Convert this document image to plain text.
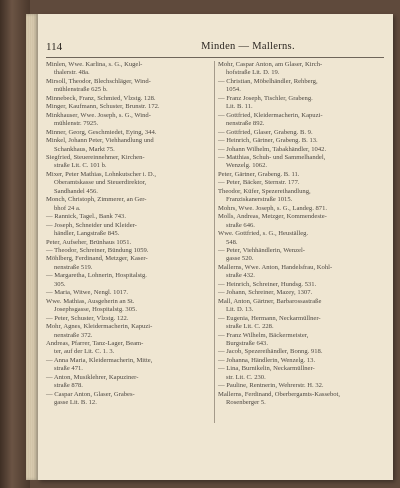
114	Minden — Mallerns.

Minlen, Wwe. Karlina, s. G., Kugel-
thalerstr. 48a.

Mirsoll, Theodor, Blechschläger, Wind-
mühlenstraße 625 b.

Minnebeck, Franz, Schmied, Vlzstg. 128.

Minger, Kaufmann, Schuster, Brunstr. 172.

Minkhauser, Wwe. Joseph, s. G., Wind-
mühlenstr. 7925.

Minner, Georg, Geschmiedet, Eying, 344.

Minkel, Johann Peter, Viehhandlung und
Schankhaus, Markt 75.

Siegfried, Steuereinnehmer, Kirchen-
straße Lit. C. 101 b.

Mixer, Peter Mathias, Lohnkutscher i. D.,
Oberamtskasse und Steuerdirektor,
Sandhandel 456.

Monch, Christoph, Zimmerer, an Ger-
bhof 24 a.

— Rannick, Tagel., Bank 743.

— Joseph, Schneider und Kleider-
händler, Langstraße 845.

Peter, Aufseher, Brünhaus 1051.

— Theodor, Schreiner, Bündung 1059.

Möhlberg, Ferdinand, Metzger, Kaser-
nenstraße 519.

— Margaretha, Lohnerin, Hospitalstg.
305.

— Maria, Witwe, Nengl. 1017.

Wwe. Mathias, Ausgeherin an St.
Josephsgasse, Hospitalstg. 305.

— Peter, Schuster, Vlzstg. 122.

Mohr, Agnes, Kleidermacherin, Kapuzi-
nenstraße 372.

Andreas, Pfarrer, Tanz-Lager, Beam-
ter, auf der Lit. C. 1. 3.

— Anna Maria, Kleidermacherin, Mitte,
straße 471.

— Anton, Musiklehrer, Kapuziner-
straße 878.

— Caspar Anton, Glaser, Grabes-
gasse Lit. B. 12.

Mohr, Caspar Anton, am Glaser, Kirch-
hofstraße Lit. D. 19.

— Christian, Möbelhändler, Rehberg,
1054.

— Franz Joseph, Tischler, Grabeng.
Lit. B. 11.

— Gottfried, Kleidermacherin, Kapuzi-
nenstraße 892.

— Gottfried, Glaser, Grabeng. B. 9.

— Heinrich, Gärtner, Grabeng. B. 13.

— Johann Wilhelm, Tabakhändler, 1042.

— Matthias, Schuh- und Sammelhandel,
Wenzelg. 1062.

Peter, Gärtner, Grabeng. B. 11.

— Peter, Bäcker, Sternstr. 177.

Theodor, Küfer, Spezereihandlung,
Franziskanerstraße 1015.

Mohrs, Wwe. Joseph, s. G., Landeg. 871.

Molls, Andreas, Metzger, Kommendeste-
straße 646.

Wwe. Gottfried, s. G., Heuställeg.
548.

— Peter, Viehhändlerin, Wenzel-
gasse 520.

Mallerns, Wwe. Anton, Handelsfrau, Kohl-
straße 432.

— Heinrich, Schreiner, Hundsg. 531.

— Johann, Schreiner, Mazey, 1307.

Mall, Anton, Gärtner, Barbarossastraße
Lit. D. 13.

— Eugenia, Hermann, Neckarmüllner-
straße Lit. C. 228.

— Franz Wilhelm, Bäckermeister,
Burgstraße 643.

— Jacob, Spezereihändler, Bonng. 918.

— Johanna, Händlerin, Wenzelg. 13.

— Lina, Burnikelin, Neckarmüllner-
str. Lit. C. 230.

— Pauline, Rentnerin, Wehrerstr. H. 32.

Mallerns, Ferdinand, Oberbergamts-Kassebot,
Rosenberger 5.
